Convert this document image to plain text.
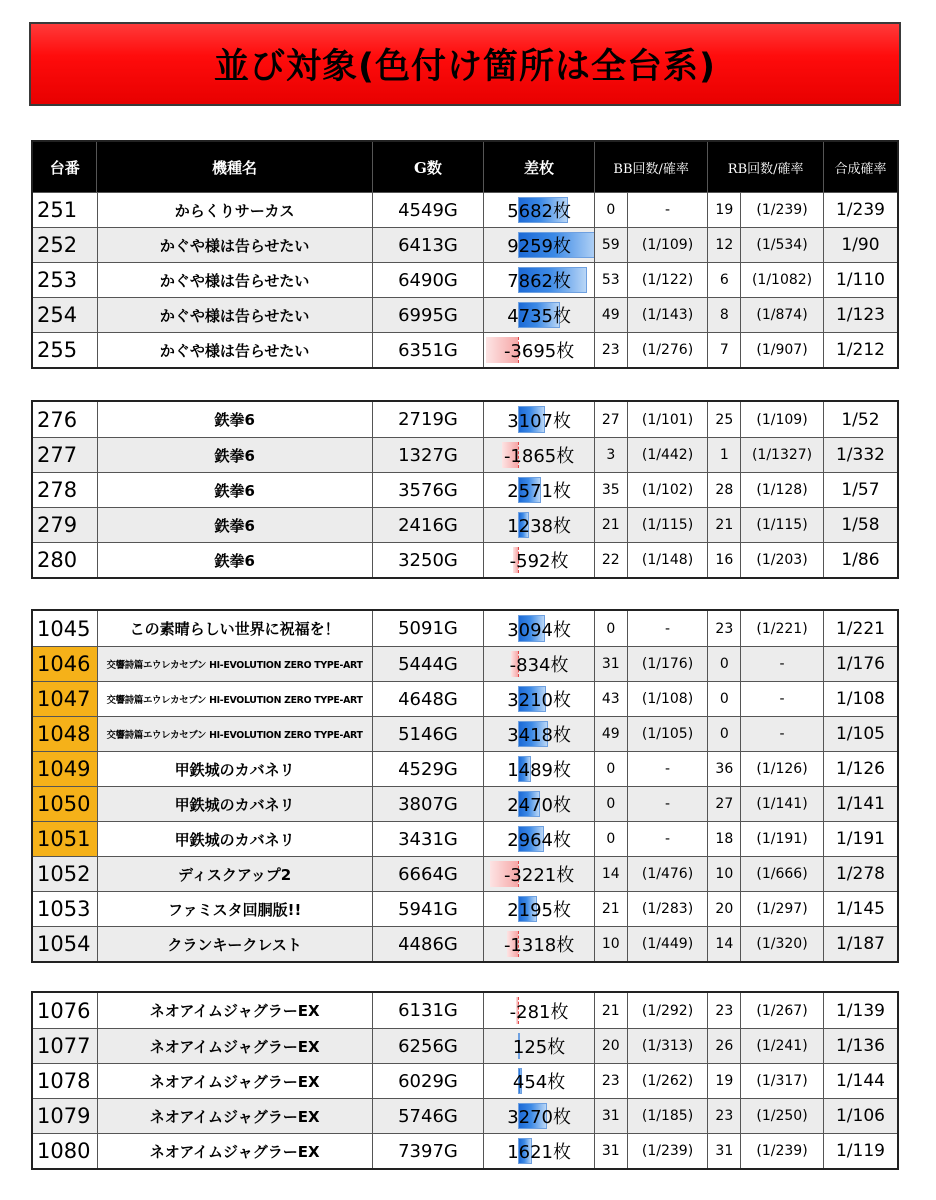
並び対象(色付け箇所は全台系)
台番	機種名	G数	差枚	BB回数/確率	RB回数/確率	合成確率
251	からくりサーカス	4549G	5682枚	0	-	19	(1/239)	1/239
252	かぐや様は告らせたい	6413G	9259枚	59	(1/109)	12	(1/534)	1/90
253	かぐや様は告らせたい	6490G	7862枚	53	(1/122)	6	(1/1082)	1/110
254	かぐや様は告らせたい	6995G	4735枚	49	(1/143)	8	(1/874)	1/123
255	かぐや様は告らせたい	6351G	-3695枚	23	(1/276)	7	(1/907)	1/212
276	鉄拳6	2719G	3107枚	27	(1/101)	25	(1/109)	1/52
277	鉄拳6	1327G	-1865枚	3	(1/442)	1	(1/1327)	1/332
278	鉄拳6	3576G	2571枚	35	(1/102)	28	(1/128)	1/57
279	鉄拳6	2416G	1238枚	21	(1/115)	21	(1/115)	1/58
280	鉄拳6	3250G	-592枚	22	(1/148)	16	(1/203)	1/86
1045	この素晴らしい世界に祝福を！	5091G	3094枚	0	-	23	(1/221)	1/221
1046	交響詩篇エウレカセブン HI-EVOLUTION ZERO TYPE-ART	5444G	-834枚	31	(1/176)	0	-	1/176
1047	交響詩篇エウレカセブン HI-EVOLUTION ZERO TYPE-ART	4648G	3210枚	43	(1/108)	0	-	1/108
1048	交響詩篇エウレカセブン HI-EVOLUTION ZERO TYPE-ART	5146G	3418枚	49	(1/105)	0	-	1/105
1049	甲鉄城のカバネリ	4529G	1489枚	0	-	36	(1/126)	1/126
1050	甲鉄城のカバネリ	3807G	2470枚	0	-	27	(1/141)	1/141
1051	甲鉄城のカバネリ	3431G	2964枚	0	-	18	(1/191)	1/191
1052	ディスクアップ2	6664G	-3221枚	14	(1/476)	10	(1/666)	1/278
1053	ファミスタ回胴版!!	5941G	2195枚	21	(1/283)	20	(1/297)	1/145
1054	クランキークレスト	4486G	-1318枚	10	(1/449)	14	(1/320)	1/187
1076	ネオアイムジャグラーEX	6131G	-281枚	21	(1/292)	23	(1/267)	1/139
1077	ネオアイムジャグラーEX	6256G	125枚	20	(1/313)	26	(1/241)	1/136
1078	ネオアイムジャグラーEX	6029G	454枚	23	(1/262)	19	(1/317)	1/144
1079	ネオアイムジャグラーEX	5746G	3270枚	31	(1/185)	23	(1/250)	1/106
1080	ネオアイムジャグラーEX	7397G	1621枚	31	(1/239)	31	(1/239)	1/119
